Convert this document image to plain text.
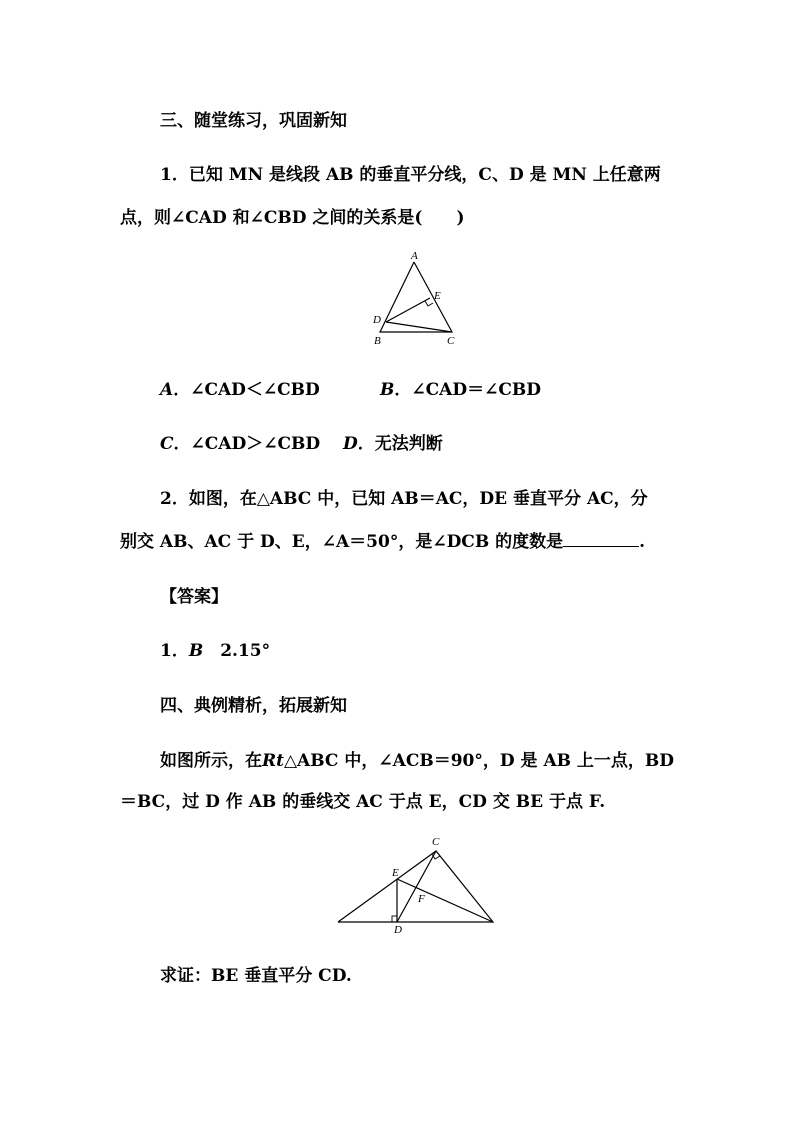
三、随堂练习，巩固新知
1．已知 MN 是线段 AB 的垂直平分线，C、D 是 MN 上任意两
点，则∠CAD 和∠CBD 之间的关系是(　　)
A
E
D
B	C
A．∠CAD＜∠CBD	B．∠CAD＝∠CBD
C．∠CAD＞∠CBD D．无法判断
2．如图，在△ABC 中，已知 AB＝AC，DE 垂直平分 AC，分
别交 AB、AC 于 D、E，∠A＝50°，是∠DCB 的度数是	.
【答案】
1．B　2.15°
四、典例精析，拓展新知
如图所示，在Rt△ABC 中，∠ACB＝90°，D 是 AB 上一点，BD
＝BC，过 D 作 AB 的垂线交 AC 于点 E，CD 交 BE 于点 F.
C
E
F
D
求证：BE 垂直平分 CD.
